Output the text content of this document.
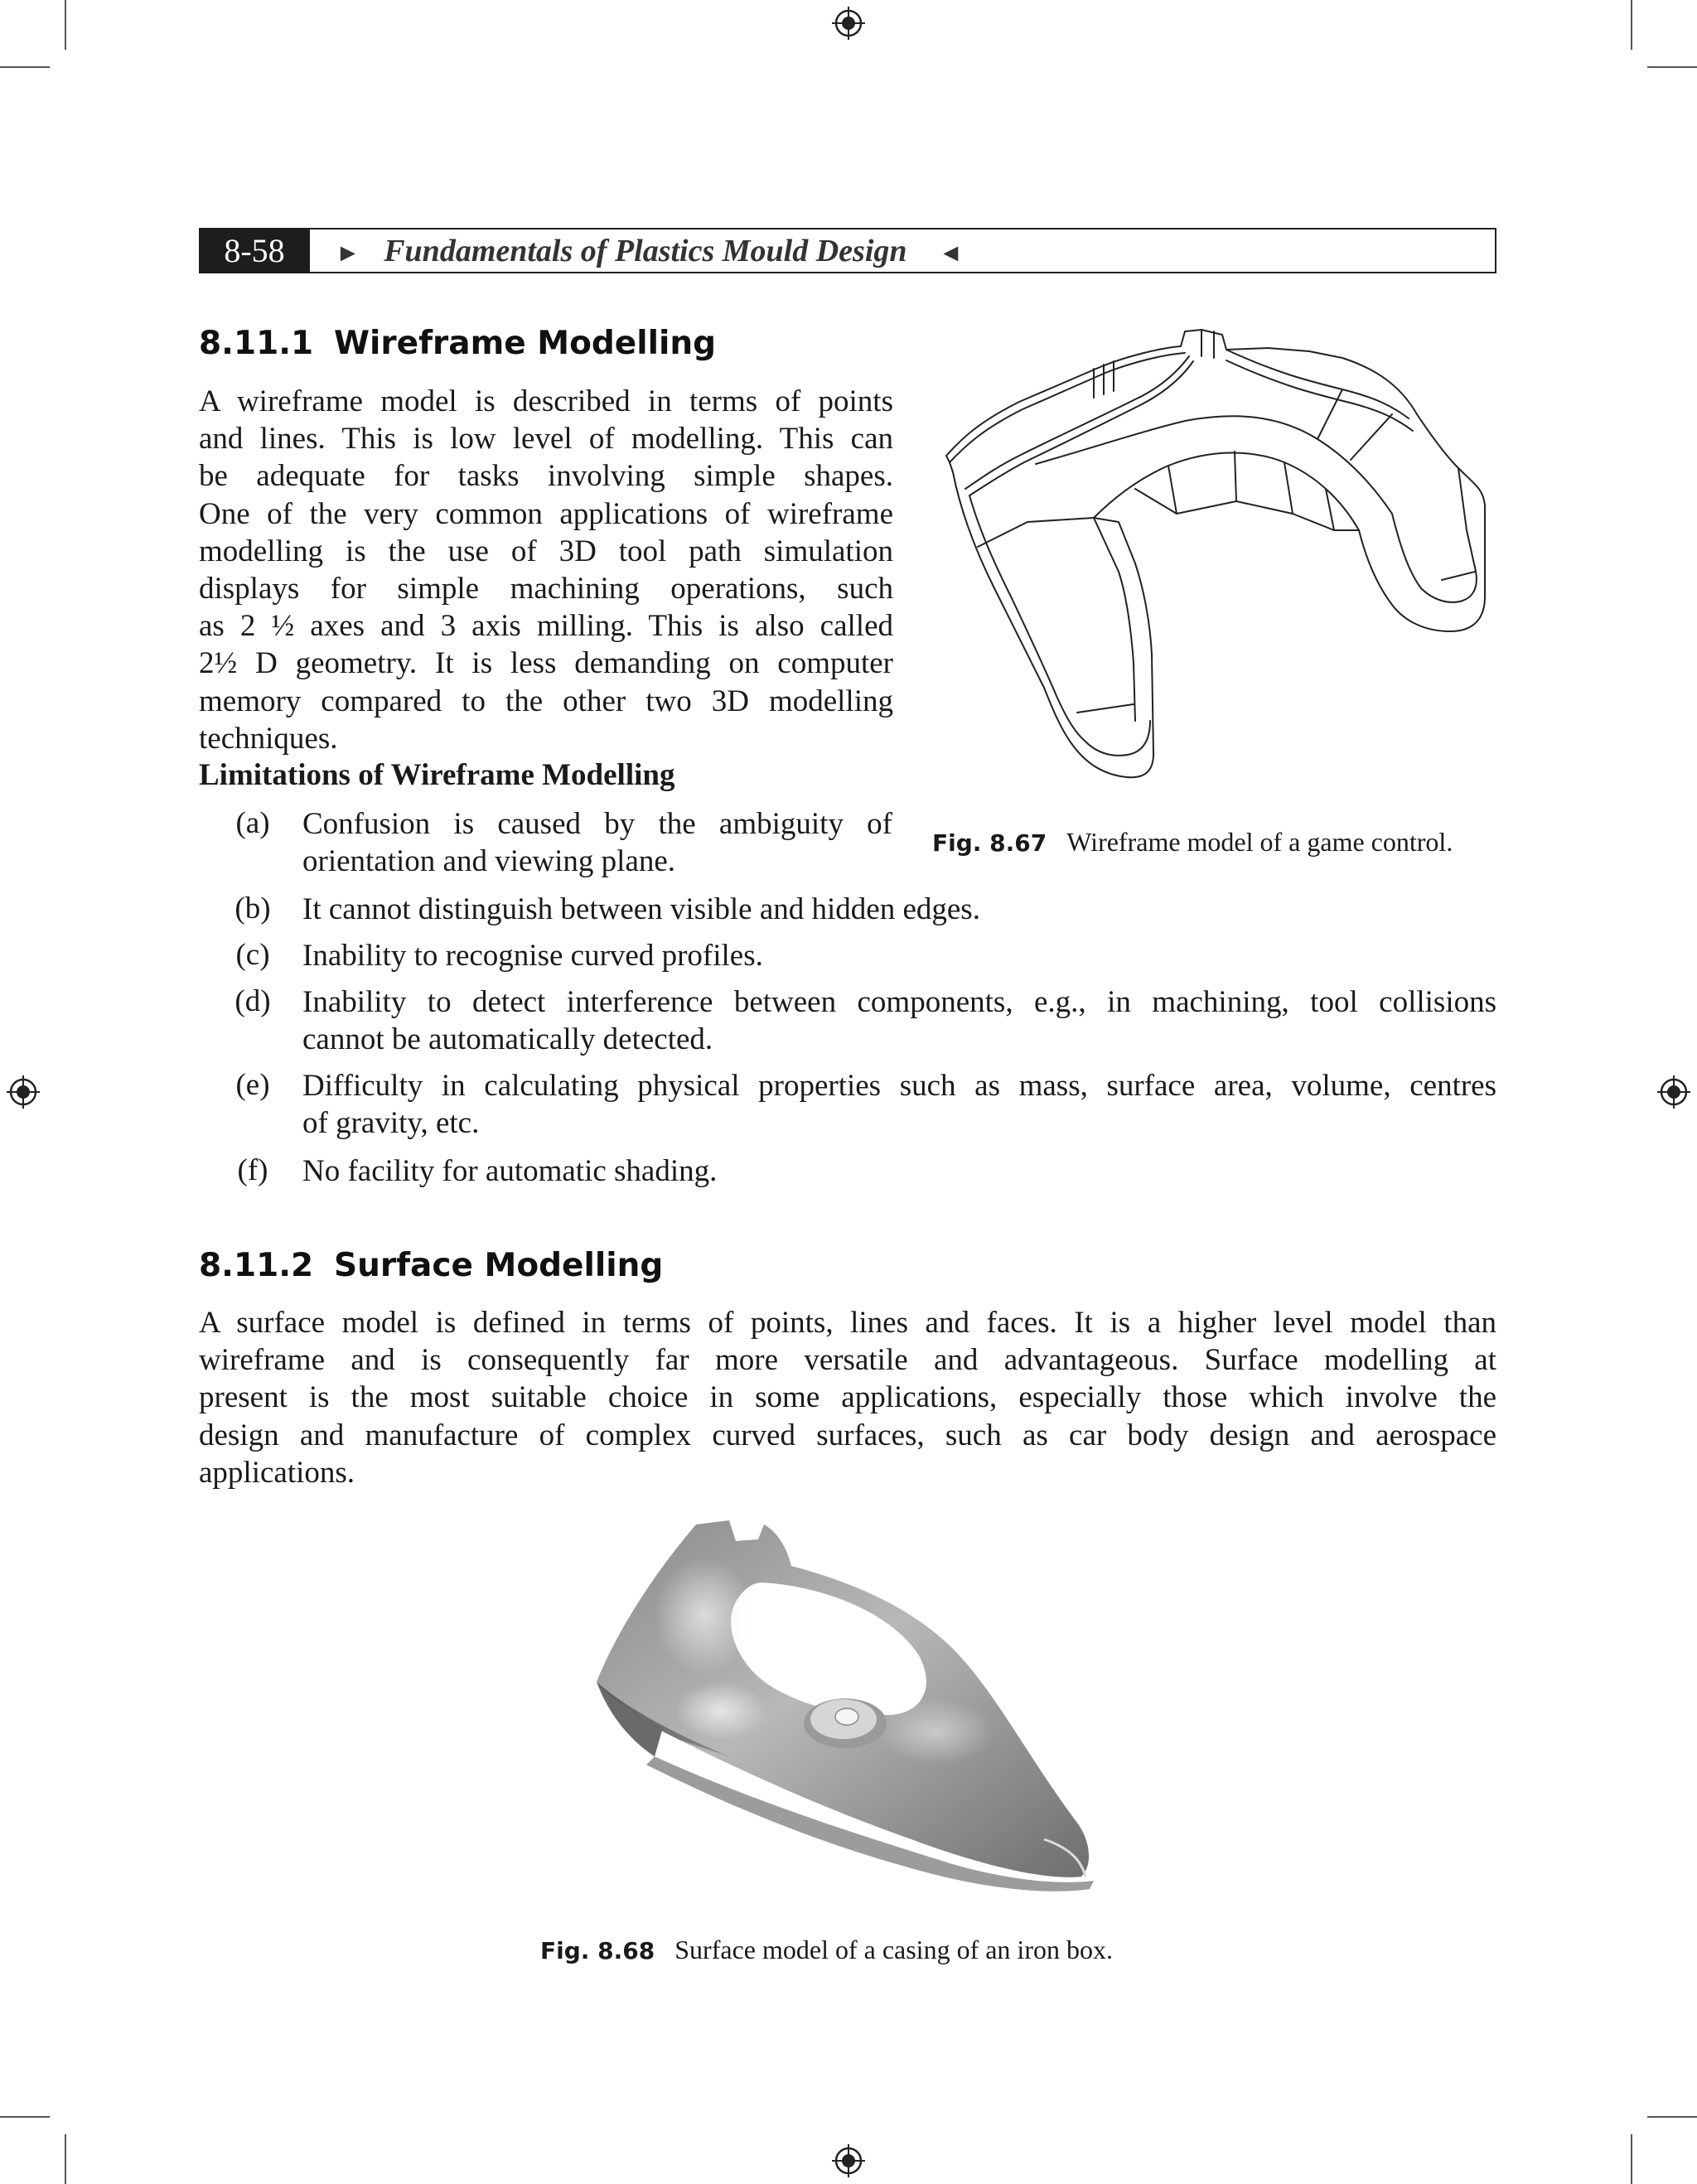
8-58	► Fundamentals of Plastics Mould Design ◄
8.11.1 Wireframe Modelling
A wireframe model is described in terms of points
and lines. This is low level of modelling. This can
be adequate for tasks involving simple shapes.
One of the very common applications of wireframe
modelling is the use of 3D tool path simulation
displays for simple machining operations, such
as 2 ½ axes and 3 axis milling. This is also called
2½ D geometry. It is less demanding on computer
memory compared to the other two 3D modelling
techniques.
Limitations of Wireframe Modelling
(a)	Confusion is caused by the ambiguity of

orientation and viewing plane.

(b)	It cannot distinguish between visible and hidden edges.

(c)	Inability to recognise curved profiles.

(d)	Inability to detect interference between components, e.g., in machining, tool collisions

cannot be automatically detected.

(e)	Difficulty in calculating physical properties such as mass, surface area, volume, centres

of gravity, etc.

(f)	No facility for automatic shading.

Fig. 8.67 Wireframe model of a game control.
8.11.2 Surface Modelling
A surface model is defined in terms of points, lines and faces. It is a higher level model than
wireframe and is consequently far more versatile and advantageous. Surface modelling at
present is the most suitable choice in some applications, especially those which involve the
design and manufacture of complex curved surfaces, such as car body design and aerospace
applications.
Fig. 8.68 Surface model of a casing of an iron box.
